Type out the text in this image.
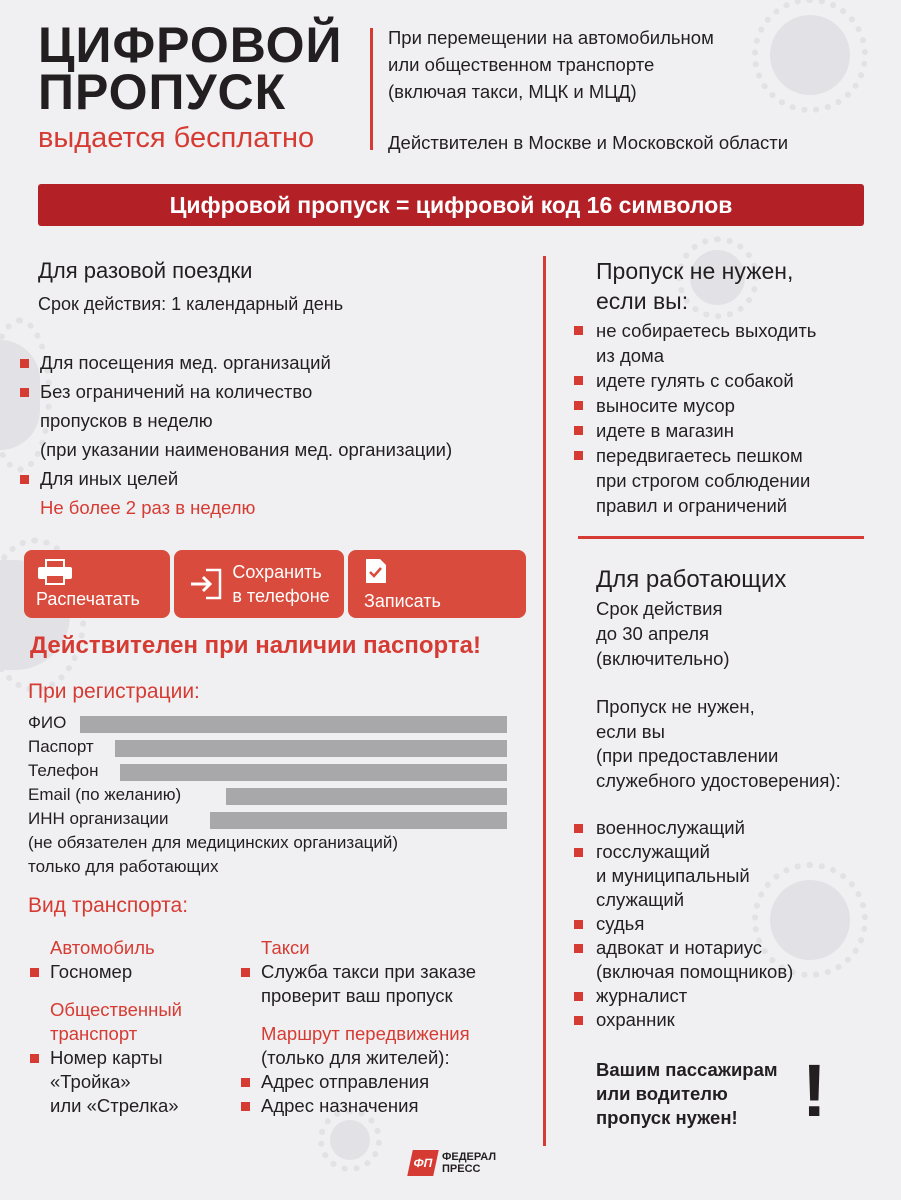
ЦИФРОВОЙ
ПРОПУСК
выдается бесплатно
При перемещении на автомобильном
или общественном транспорте
(включая такси, МЦК и МЦД)
Действителен в Москве и Московской области
Цифровой пропуск = цифровой код 16 символов
Для разовой поездки
Срок действия: 1 календарный день
Для посещения мед. организаций
Без ограничений на количество
пропусков в неделю
(при указании наименования мед. организации)
Для иных целей
Не более 2 раз в неделю
Распечатать
Сохранить
в телефоне Записать
Действителен при наличии паспорта!
При регистрации:
ФИО
Паспорт
Телефон
Email (по желанию)
ИНН организации
(не обязателен для медицинских организаций)
только для работающих
Вид транспорта:
Автомобиль
Госномер
Общественный
транспорт
Номер карты
«Тройка»
или «Стрелка»
Такси
Служба такси при заказе
проверит ваш пропуск
Маршрут передвижения
(только для жителей):
Адрес отправления
Адрес назначения
Пропуск не нужен,
если вы:
не собираетесь выходить
из дома
идете гулять с собакой
выносите мусор
идете в магазин
передвигаетесь пешком
при строгом соблюдении
правил и ограничений
Для работающих
Срок действия
до 30 апреля
(включительно)
Пропуск не нужен,
если вы
(при предоставлении
служебного удостоверения):
военнослужащий
госслужащий
и муниципальный
служащий
судья
адвокат и нотариус
(включая помощников)
журналист
охранник
Вашим пассажирам
или водителю
пропуск нужен! !
ФП ФЕДЕРАЛ
ПРЕСС
